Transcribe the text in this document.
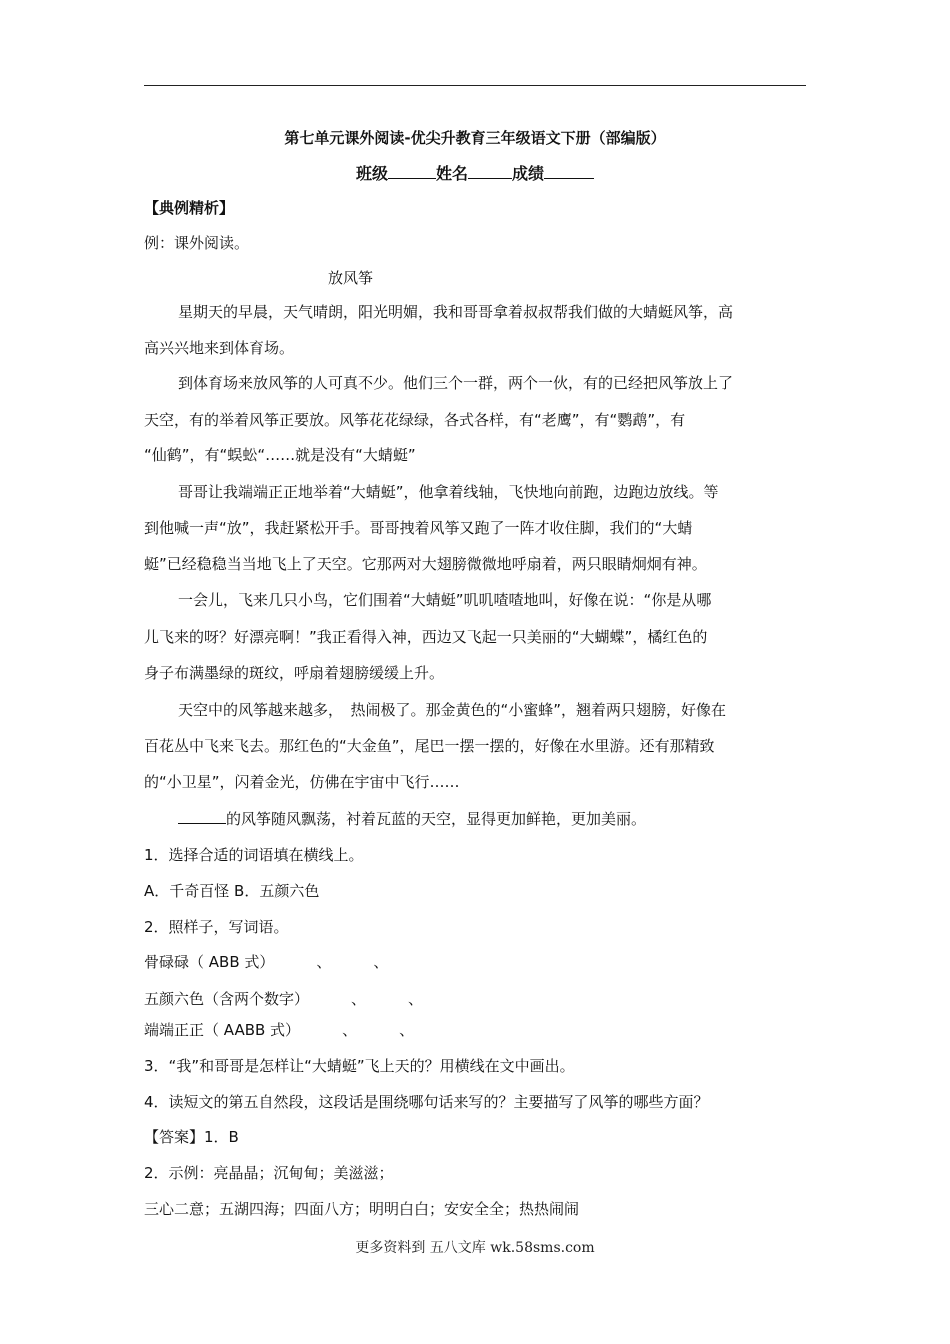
第七单元课外阅读-优尖升教育三年级语文下册（部编版）
班级	姓名	成绩
【典例精析】
例：课外阅读。
放风筝
星期天的早晨，天气晴朗，阳光明媚，我和哥哥拿着叔叔帮我们做的大蜻蜓风筝，高
高兴兴地来到体育场。
到体育场来放风筝的人可真不少。他们三个一群，两个一伙，有的已经把风筝放上了
天空，有的举着风筝正要放。风筝花花绿绿，各式各样，有“老鹰”，有“鹦鹉”，有
“仙鹤”，有“蜈蚣“……就是没有“大蜻蜓”
哥哥让我端端正正地举着“大蜻蜓”，他拿着线轴，飞快地向前跑，边跑边放线。等
到他喊一声“放”，我赶紧松开手。哥哥拽着风筝又跑了一阵才收住脚，我们的“大蜻
蜓”已经稳稳当当地飞上了天空。它那两对大翅膀微微地呼扇着，两只眼睛炯炯有神。
一会儿，飞来几只小鸟，它们围着“大蜻蜓”叽叽喳喳地叫，好像在说：“你是从哪
儿飞来的呀？好漂亮啊！”我正看得入神，西边又飞起一只美丽的“大蝴蝶”，橘红色的
身子布满墨绿的斑纹，呼扇着翅膀缓缓上升。
天空中的风筝越来越多，　热闹极了。那金黄色的“小蜜蜂”，翘着两只翅膀，好像在
百花丛中飞来飞去。那红色的“大金鱼”，尾巴一摆一摆的，好像在水里游。还有那精致
的“小卫星”，闪着金光，仿佛在宇宙中飞行……
的风筝随风飘荡，衬着瓦蓝的天空，显得更加鲜艳，更加美丽。
1．选择合适的词语填在横线上。
A．千奇百怪 B．五颜六色
2．照样子，写词语。
骨碌碌（ ABB 式）	、	、
五颜六色（含两个数字）	、	、
端端正正（ AABB 式）	、	、
3．“我”和哥哥是怎样让“大蜻蜓”飞上天的？用横线在文中画出。
4．读短文的第五自然段，这段话是围绕哪句话来写的？主要描写了风筝的哪些方面？
【答案】1．B
2．示例：亮晶晶；沉甸甸；美滋滋；
三心二意；五湖四海；四面八方；明明白白；安安全全；热热闹闹
更多资料到 五八文库 wk.58sms.com
